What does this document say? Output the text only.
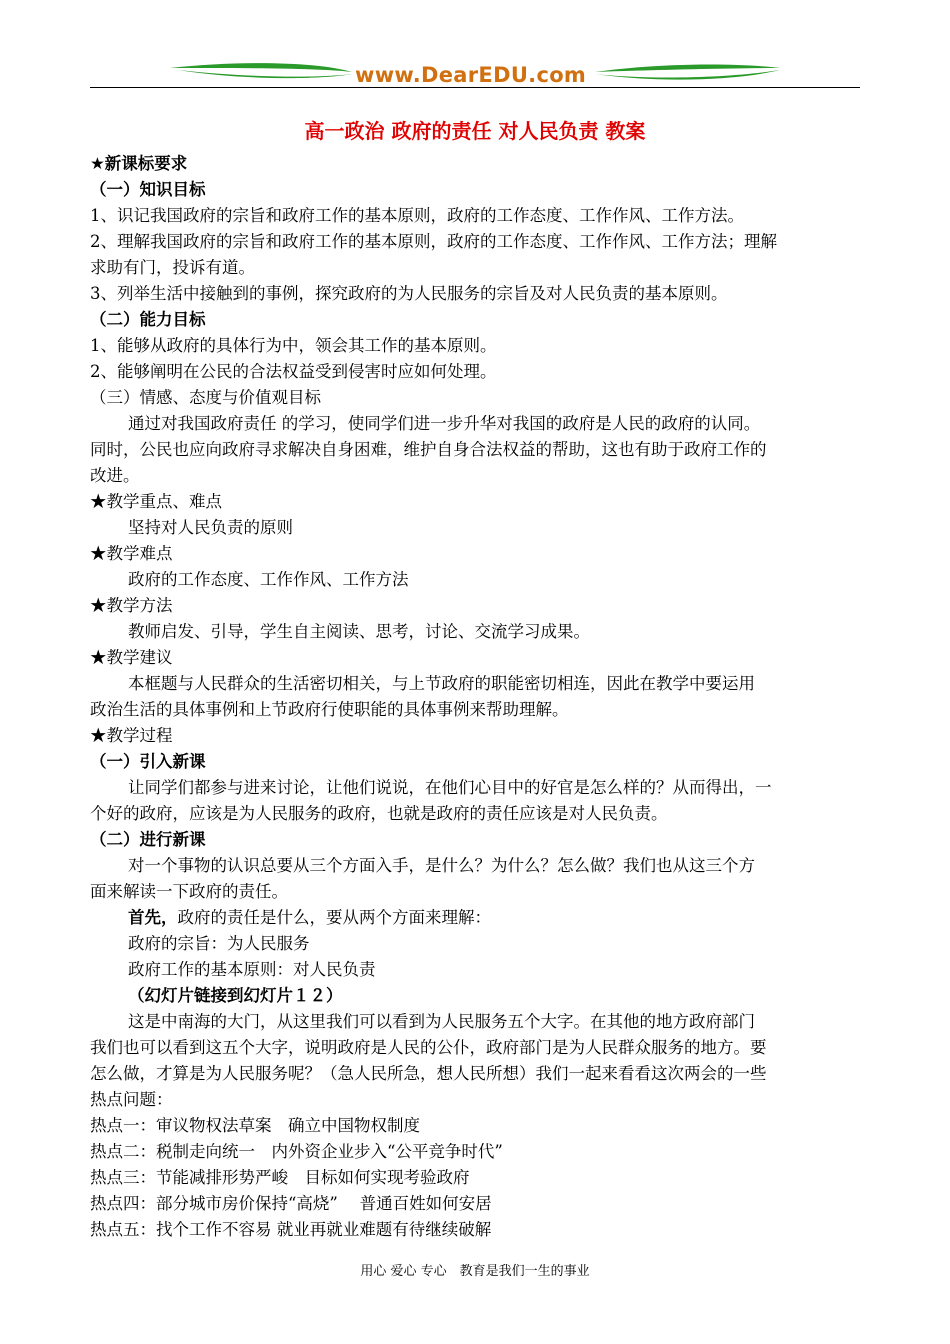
www.DearEDU.com
高一政治 政府的责任 对人民负责 教案
★新课标要求
（一）知识目标
1、识记我国政府的宗旨和政府工作的基本原则，政府的工作态度、工作作风、工作方法。
2、理解我国政府的宗旨和政府工作的基本原则，政府的工作态度、工作作风、工作方法；理解
求助有门，投诉有道。
3、列举生活中接触到的事例，探究政府的为人民服务的宗旨及对人民负责的基本原则。
（二）能力目标
1、能够从政府的具体行为中，领会其工作的基本原则。
2、能够阐明在公民的合法权益受到侵害时应如何处理。
（三）情感、态度与价值观目标
通过对我国政府责任 的学习，使同学们进一步升华对我国的政府是人民的政府的认同。
同时，公民也应向政府寻求解决自身困难，维护自身合法权益的帮助，这也有助于政府工作的
改进。
★教学重点、难点
坚持对人民负责的原则
★教学难点
政府的工作态度、工作作风、工作方法
★教学方法
教师启发、引导，学生自主阅读、思考，讨论、交流学习成果。
★教学建议
本框题与人民群众的生活密切相关，与上节政府的职能密切相连，因此在教学中要运用
政治生活的具体事例和上节政府行使职能的具体事例来帮助理解。
★教学过程
（一）引入新课
让同学们都参与进来讨论，让他们说说，在他们心目中的好官是怎么样的？从而得出，一
个好的政府，应该是为人民服务的政府，也就是政府的责任应该是对人民负责。
（二）进行新课
对一个事物的认识总要从三个方面入手，是什么？为什么？怎么做？我们也从这三个方
面来解读一下政府的责任。
首先，政府的责任是什么，要从两个方面来理解：
政府的宗旨：为人民服务
政府工作的基本原则：对人民负责
（幻灯片链接到幻灯片１２）
这是中南海的大门，从这里我们可以看到为人民服务五个大字。在其他的地方政府部门
我们也可以看到这五个大字，说明政府是人民的公仆，政府部门是为人民群众服务的地方。要
怎么做，才算是为人民服务呢？（急人民所急，想人民所想）我们一起来看看这次两会的一些
热点问题：
热点一：审议物权法草案　确立中国物权制度
热点二：税制走向统一　内外资企业步入“公平竞争时代”
热点三：节能减排形势严峻　目标如何实现考验政府
热点四：部分城市房价保持“高烧”　 普通百姓如何安居
热点五：找个工作不容易 就业再就业难题有待继续破解
用心 爱心 专心　教育是我们一生的事业
